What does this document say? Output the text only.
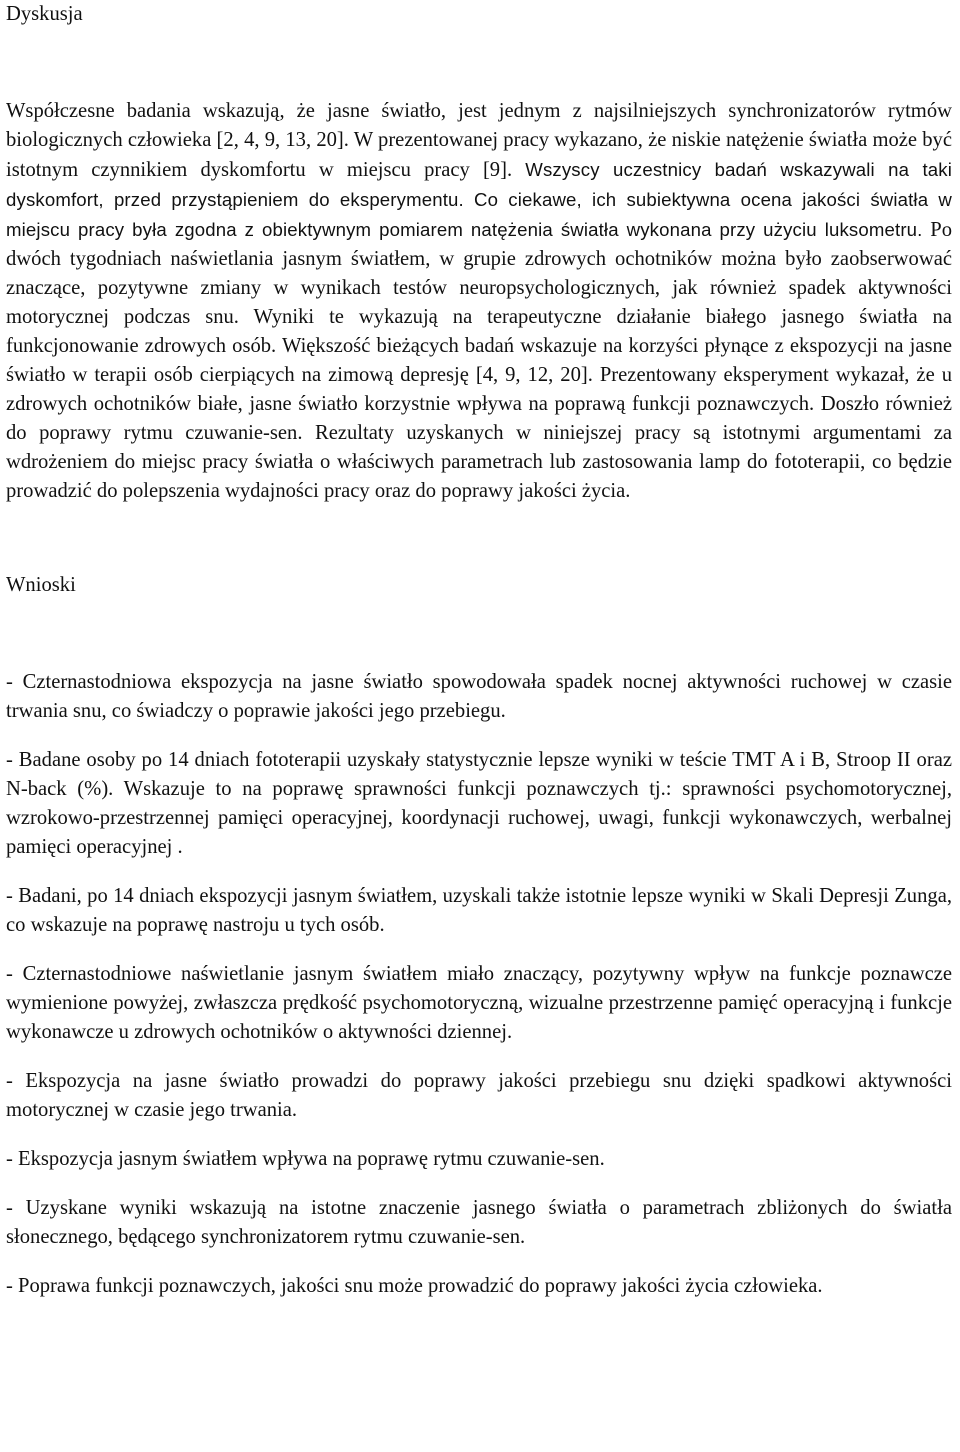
Dyskusja

Współczesne badania wskazują, że jasne światło, jest jednym z najsilniejszych synchronizatorów rytmów biologicznych człowieka [2, 4, 9, 13, 20]. W prezentowanej pracy wykazano, że niskie natężenie światła może być istotnym czynnikiem dyskomfortu w miejscu pracy [9]. Wszyscy uczestnicy badań wskazywali na taki dyskomfort, przed przystąpieniem do eksperymentu. Co ciekawe, ich subiektywna ocena jakości światła w miejscu pracy była zgodna z obiektywnym pomiarem natężenia światła wykonana przy użyciu luksometru. Po dwóch tygodniach naświetlania jasnym światłem, w grupie zdrowych ochotników można było zaobserwować znaczące, pozytywne zmiany w wynikach testów neuropsychologicznych, jak również spadek aktywności motorycznej podczas snu. Wyniki te wykazują na terapeutyczne działanie białego jasnego światła na funkcjonowanie zdrowych osób. Większość bieżących badań wskazuje na korzyści płynące z ekspozycji na jasne światło w terapii osób cierpiących na zimową depresję [4, 9, 12, 20]. Prezentowany eksperyment wykazał, że u zdrowych ochotników białe, jasne światło korzystnie wpływa na poprawą funkcji poznawczych. Doszło również do poprawy rytmu czuwanie-sen. Rezultaty uzyskanych w niniejszej pracy są istotnymi argumentami za wdrożeniem do miejsc pracy światła o właściwych parametrach lub zastosowania lamp do fototerapii, co będzie prowadzić do polepszenia wydajności pracy oraz do poprawy jakości życia.

Wnioski

- Czternastodniowa ekspozycja na jasne światło spowodowała spadek nocnej aktywności ruchowej w czasie trwania snu, co świadczy o poprawie jakości jego przebiegu.

- Badane osoby po 14 dniach fototerapii uzyskały statystycznie lepsze wyniki w teście TMT A i B, Stroop II oraz N-back (%). Wskazuje to na poprawę sprawności funkcji poznawczych tj.: sprawności psychomotorycznej, wzrokowo-przestrzennej pamięci operacyjnej, koordynacji ruchowej, uwagi, funkcji wykonawczych, werbalnej pamięci operacyjnej .

- Badani, po 14 dniach ekspozycji jasnym światłem, uzyskali także istotnie lepsze wyniki w Skali Depresji Zunga, co wskazuje na poprawę nastroju u tych osób.

- Czternastodniowe naświetlanie jasnym światłem miało znaczący, pozytywny wpływ na funkcje poznawcze wymienione powyżej, zwłaszcza prędkość psychomotoryczną, wizualne przestrzenne pamięć operacyjną i funkcje wykonawcze u zdrowych ochotników o aktywności dziennej.

- Ekspozycja na jasne światło prowadzi do poprawy jakości przebiegu snu dzięki spadkowi aktywności motorycznej w czasie jego trwania.

- Ekspozycja jasnym światłem wpływa na poprawę rytmu czuwanie-sen.

- Uzyskane wyniki wskazują na istotne znaczenie jasnego światła o parametrach zbliżonych do światła słonecznego, będącego synchronizatorem rytmu czuwanie-sen.

- Poprawa funkcji poznawczych, jakości snu może prowadzić do poprawy jakości życia człowieka.
